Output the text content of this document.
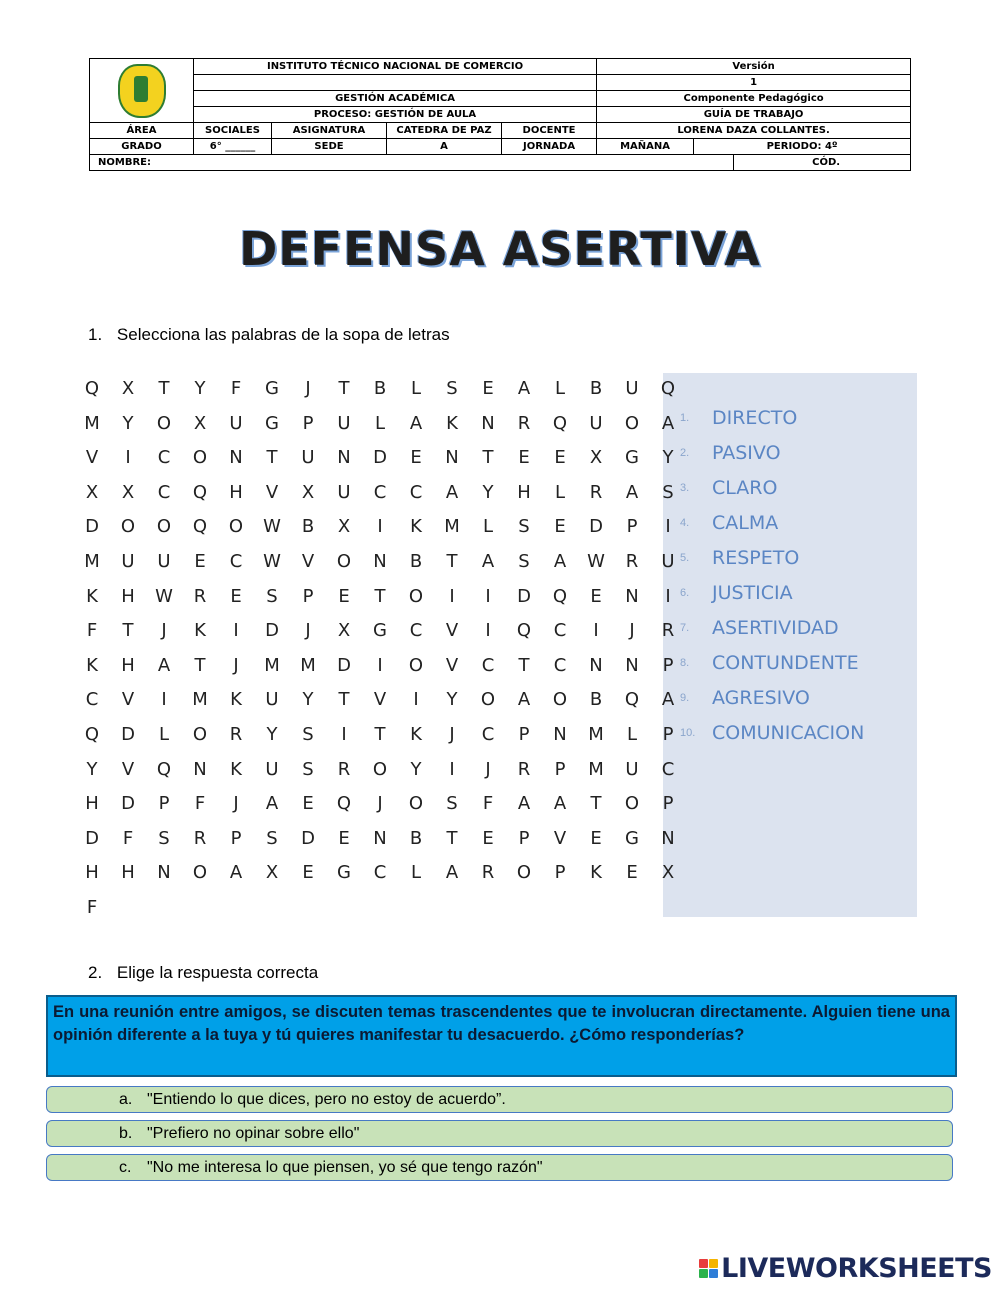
	INSTITUTO TÉCNICO NACIONAL DE COMERCIO				Versión		
					1		
	GESTIÓN ACADÉMICA				Componente Pedagógico		
	PROCESO: GESTIÓN DE AULA				GUÍA DE TRABAJO		
ÁREA	SOCIALES	ASIGNATURA	CATEDRA DE PAZ	DOCENTE	LORENA DAZA COLLANTES.		
GRADO	6° ______	SEDE	A	JORNADA	MAÑANA	PERIODO: 4º	
NOMBRE:							CÓD.
DEFENSA ASERTIVA
1. Selecciona las palabras de la sopa de letras
Q	X	T	Y	F	G	J	T	B	L	S	E	A	L	B	U	Q
M	Y	O	X	U	G	P	U	L	A	K	N	R	Q	U	O	A
V	I	C	O	N	T	U	N	D	E	N	T	E	E	X	G	Y
X	X	C	Q	H	V	X	U	C	C	A	Y	H	L	R	A	S
D	O	O	Q	O	W	B	X	I	K	M	L	S	E	D	P	I
M	U	U	E	C	W	V	O	N	B	T	A	S	A	W	R	U
K	H	W	R	E	S	P	E	T	O	I	I	D	Q	E	N	I
F	T	J	K	I	D	J	X	G	C	V	I	Q	C	I	J	R
K	H	A	T	J	M	M	D	I	O	V	C	T	C	N	N	P
C	V	I	M	K	U	Y	T	V	I	Y	O	A	O	B	Q	A
Q	D	L	O	R	Y	S	I	T	K	J	C	P	N	M	L	P
Y	V	Q	N	K	U	S	R	O	Y	I	J	R	P	M	U	C
H	D	P	F	J	A	E	Q	J	O	S	F	A	A	T	O	P
D	F	S	R	P	S	D	E	N	B	T	E	P	V	E	G	N
H	H	N	O	A	X	E	G	C	L	A	R	O	P	K	E	X
F
1.	DIRECTO
2.	PASIVO
3.	CLARO
4.	CALMA
5.	RESPETO
6.	JUSTICIA
7.	ASERTIVIDAD
8.	CONTUNDENTE
9.	AGRESIVO
10. COMUNICACION
2. Elige la respuesta correcta
En una reunión entre amigos, se discuten temas trascendentes que te involucran directamente. Alguien tiene una opinión diferente a la tuya y tú quieres manifestar tu desacuerdo. ¿Cómo responderías?
a. "Entiendo lo que dices, pero no estoy de acuerdo”.
b. "Prefiero no opinar sobre ello"
c. "No me interesa lo que piensen, yo sé que tengo razón"
LIVEWORKSHEETS
